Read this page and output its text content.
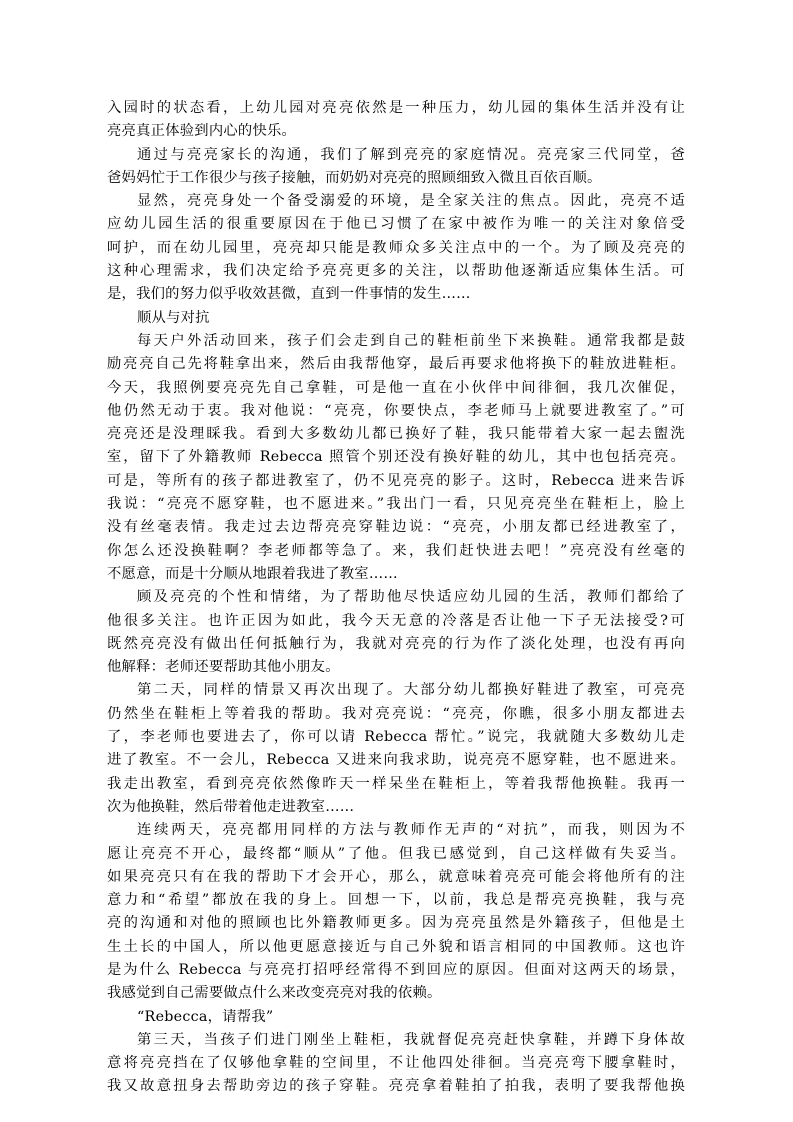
入园时的状态看，上幼儿园对亮亮依然是一种压力，幼儿园的集体生活并没有让
亮亮真正体验到内心的快乐。
通过与亮亮家长的沟通，我们了解到亮亮的家庭情况。亮亮家三代同堂，爸
爸妈妈忙于工作很少与孩子接触，而奶奶对亮亮的照顾细致入微且百依百顺。
显然，亮亮身处一个备受溺爱的环境，是全家关注的焦点。因此，亮亮不适
应幼儿园生活的很重要原因在于他已习惯了在家中被作为唯一的关注对象倍受
呵护，而在幼儿园里，亮亮却只能是教师众多关注点中的一个。为了顾及亮亮的
这种心理需求，我们决定给予亮亮更多的关注，以帮助他逐渐适应集体生活。可
是，我们的努力似乎收效甚微，直到一件事情的发生……
顺从与对抗
每天户外活动回来，孩子们会走到自己的鞋柜前坐下来换鞋。通常我都是鼓
励亮亮自己先将鞋拿出来，然后由我帮他穿，最后再要求他将换下的鞋放进鞋柜。
今天，我照例要亮亮先自己拿鞋，可是他一直在小伙伴中间徘徊，我几次催促，
他仍然无动于衷。我对他说：“亮亮，你要快点，李老师马上就要进教室了。”可
亮亮还是没理睬我。看到大多数幼儿都已换好了鞋，我只能带着大家一起去盥洗
室，留下了外籍教师 Rebecca 照管个别还没有换好鞋的幼儿，其中也包括亮亮。
可是，等所有的孩子都进教室了，仍不见亮亮的影子。这时，Rebecca 进来告诉
我说：“亮亮不愿穿鞋，也不愿进来。”我出门一看，只见亮亮坐在鞋柜上，脸上
没有丝毫表情。我走过去边帮亮亮穿鞋边说：“亮亮，小朋友都已经进教室了，
你怎么还没换鞋啊？李老师都等急了。来，我们赶快进去吧！”亮亮没有丝毫的
不愿意，而是十分顺从地跟着我进了教室……
顾及亮亮的个性和情绪，为了帮助他尽快适应幼儿园的生活，教师们都给了
他很多关注。也许正因为如此，我今天无意的冷落是否让他一下子无法接受?可
既然亮亮没有做出任何抵触行为，我就对亮亮的行为作了淡化处理，也没有再向
他解释：老师还要帮助其他小朋友。
第二天，同样的情景又再次出现了。大部分幼儿都换好鞋进了教室，可亮亮
仍然坐在鞋柜上等着我的帮助。我对亮亮说：“亮亮，你瞧，很多小朋友都进去
了，李老师也要进去了，你可以请 Rebecca 帮忙。”说完，我就随大多数幼儿走
进了教室。不一会儿，Rebecca 又进来向我求助，说亮亮不愿穿鞋，也不愿进来。
我走出教室，看到亮亮依然像昨天一样呆坐在鞋柜上，等着我帮他换鞋。我再一
次为他换鞋，然后带着他走进教室……
连续两天，亮亮都用同样的方法与教师作无声的“对抗”，而我，则因为不
愿让亮亮不开心，最终都“顺从”了他。但我已感觉到，自己这样做有失妥当。
如果亮亮只有在我的帮助下才会开心，那么，就意味着亮亮可能会将他所有的注
意力和“希望”都放在我的身上。回想一下，以前，我总是帮亮亮换鞋，我与亮
亮的沟通和对他的照顾也比外籍教师更多。因为亮亮虽然是外籍孩子，但他是土
生土长的中国人，所以他更愿意接近与自己外貌和语言相同的中国教师。这也许
是为什么 Rebecca 与亮亮打招呼经常得不到回应的原因。但面对这两天的场景，
我感觉到自己需要做点什么来改变亮亮对我的依赖。
“Rebecca，请帮我”
第三天，当孩子们进门刚坐上鞋柜，我就督促亮亮赶快拿鞋，并蹲下身体故
意将亮亮挡在了仅够他拿鞋的空间里，不让他四处徘徊。当亮亮弯下腰拿鞋时，
我又故意扭身去帮助旁边的孩子穿鞋。亮亮拿着鞋拍了拍我，表明了要我帮他换
